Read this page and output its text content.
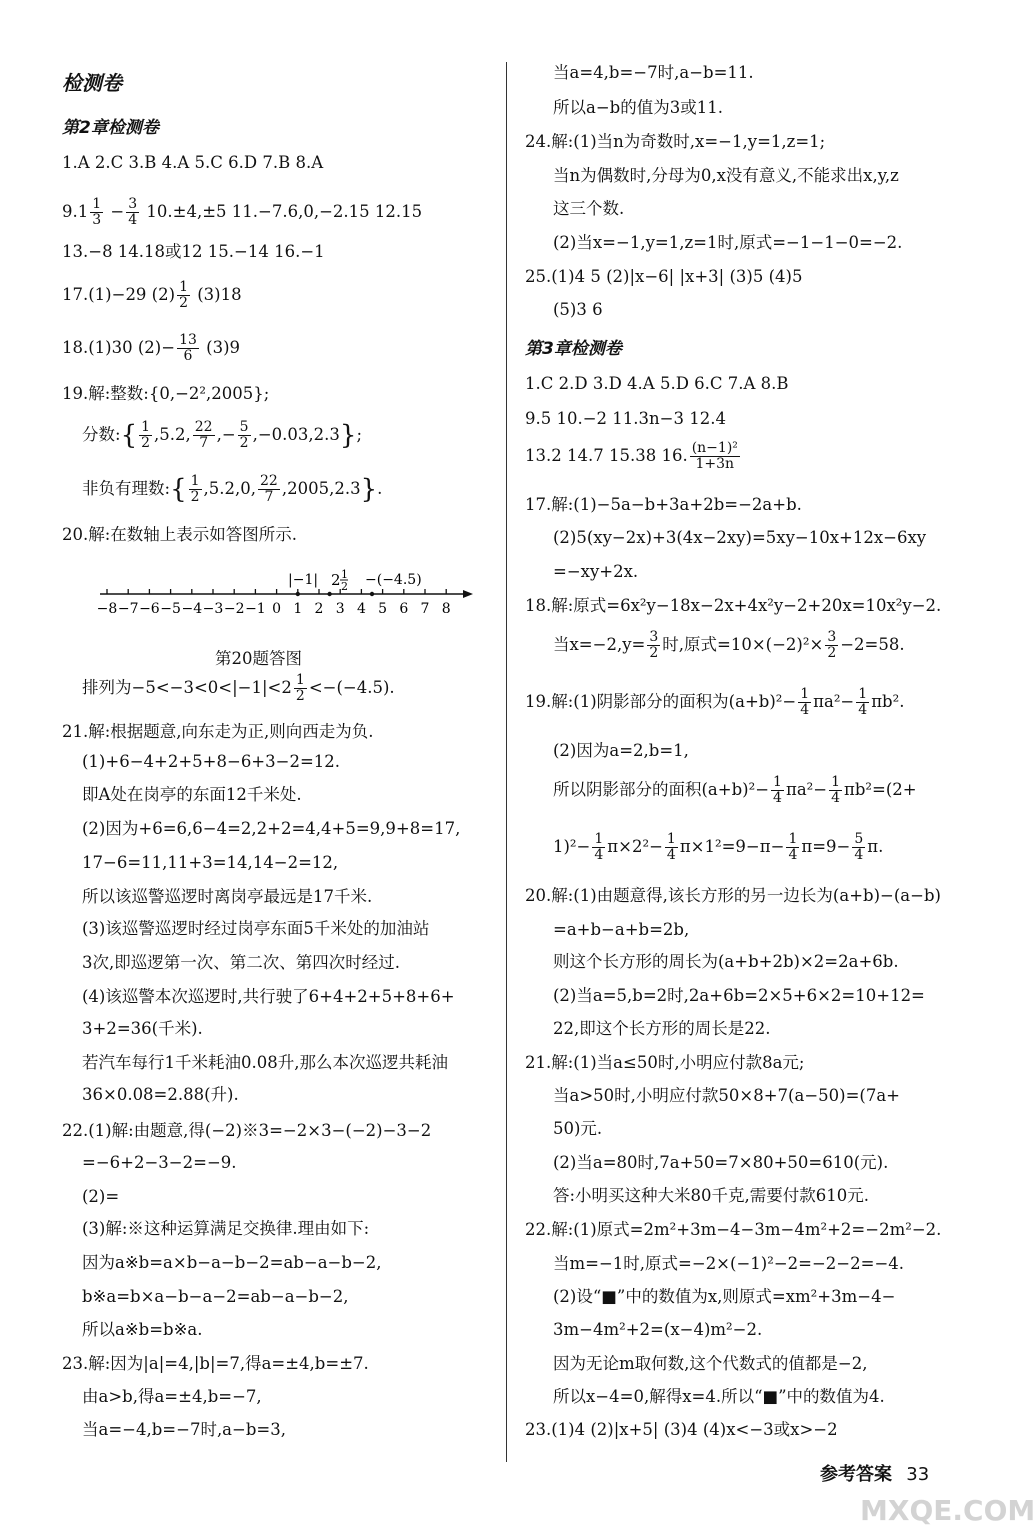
检测卷
第2章检测卷
1.A 2.C 3.B 4.A 5.C 6.D 7.B 8.A
$9.1 \frac{1}{3} - \frac{3}{4} 10.\pm 4,\pm 5$ 11.−7.6,0,−2.15 12.15
13.−8 14.18或12 15.−14 16.−1
17.(1)−29 $(2) \frac{1}{2} (3)18$
18.(1)30 $(2)- \frac{13}{6} (3)9$
19.解:整数:{0,−2²,2005};
分数:{ $\frac{1}{2} ,5.2$, $\frac{22}{7}$ ,− $\frac{5}{2} ,-0.03,2.3$};
非负有理数:{ $\frac{1}{2} ,5.2,0$, $\frac{22}{7} ,2005,2.3$}.
20.解:在数轴上表示如答图所示.
−8 −7 −6 −5 −4 −3 −2 −1 0 1 2 3 4 5 6 7 8
|−1| 2 1
2 −(−4.5)
第20题答图
排列为$-5<-3<0<|-1|<2 \frac{1}{2} <-(-4.5)$.
21.解:根据题意,向东走为正,则向西走为负.
(1)+6−4+2+5+8−6+3−2=12.
即A处在岗亭的东面12千米处.
(2)因为+6=6,6−4=2,2+2=4,4+5=9,9+8=17,
17−6=11,11+3=14,14−2=12,
所以该巡警巡逻时离岗亭最远是17千米.
(3)该巡警巡逻时经过岗亭东面5千米处的加油站
3次,即巡逻第一次、第二次、第四次时经过.
(4)该巡警本次巡逻时,共行驶了6+4+2+5+8+6+
3+2=36(千米).
若汽车每行1千米耗油0.08升,那么本次巡逻共耗油
36×0.08=2.88(升).
22.(1)解:由题意,得(−2)※3=−2×3−(−2)−3−2
=−6+2−3−2=−9.
(2)=
(3)解:※这种运算满足交换律.理由如下:
因为a※b=a×b−a−b−2=ab−a−b−2,
b※a=b×a−b−a−2=ab−a−b−2,
所以a※b=b※a.
23.解:因为|a|=4,|b|=7,得a=±4,b=±7.
由a>b,得a=±4,b=−7,
当a=−4,b=−7时,a−b=3,
当a=4,b=−7时,a−b=11.
所以a−b的值为3或11.
24.解:(1)当n为奇数时,x=−1,y=1,z=1;
当n为偶数时,分母为0,x没有意义,不能求出x,y,z
这三个数.
(2)当x=−1,y=1,z=1时,原式=−1−1−0=−2.
25.(1)4 5 (2)|x−6| |x+3| (3)5 (4)5
(5)3 6
第3章检测卷
1.C 2.D 3.D 4.A 5.D 6.C 7.A 8.B
9.5 10.−2 11.3n−3 12.4
13.2 14.7 15.38 16. $\frac{\text{(n−1)²}}{1+3n}$
17.解:(1)−5a−b+3a+2b=−2a+b.
(2)5(xy−2x)+3(4x−2xy)=5xy−10x+12x−6xy
=−xy+2x.
18.解:原式=6x²y−18x−2x+4x²y−2+20x=10x²y−2.
当$x=-2,y= \frac{3}{2}$ 时,原式$=10\times(-2)^2\times \frac{3}{2} -2=58$.
19.解:(1)阴影部分的面积为$(a+b)^2- \frac{1}{4} \pi a^2- \frac{1}{4} \pi b^2$.
(2)因为a=2,b=1,
所以阴影部分的面积$(a+b)^2- \frac{1}{4} \pi a^2- \frac{1}{4} \pi b^2=(2+$
$1)^2- \frac{1}{4} \pi\times 2^2- \frac{1}{4} \pi\times 1^2=9-\pi- \frac{1}{4} \pi=9- \frac{5}{4} \pi$.
20.解:(1)由题意得,该长方形的另一边长为(a+b)−(a−b)
=a+b−a+b=2b,
则这个长方形的周长为(a+b+2b)×2=2a+6b.
(2)当a=5,b=2时,2a+6b=2×5+6×2=10+12=
22,即这个长方形的周长是22.
21.解:(1)当a≤50时,小明应付款8a元;
当a>50时,小明应付款50×8+7(a−50)=(7a+
50)元.
(2)当a=80时,7a+50=7×80+50=610(元).
答:小明买这种大米80千克,需要付款610元.
22.解:(1)原式=2m²+3m−4−3m−4m²+2=−2m²−2.
当m=−1时,原式=−2×(−1)²−2=−2−2=−4.
(2)设“■”中的数值为x,则原式=xm²+3m−4−
3m−4m²+2=(x−4)m²−2.
因为无论m取何数,这个代数式的值都是−2,
所以x−4=0,解得x=4.所以“■”中的数值为4.
23.(1)4 (2)|x+5| (3)4 (4)x<−3或x>−2
参考答案 33
MXQE.COM
